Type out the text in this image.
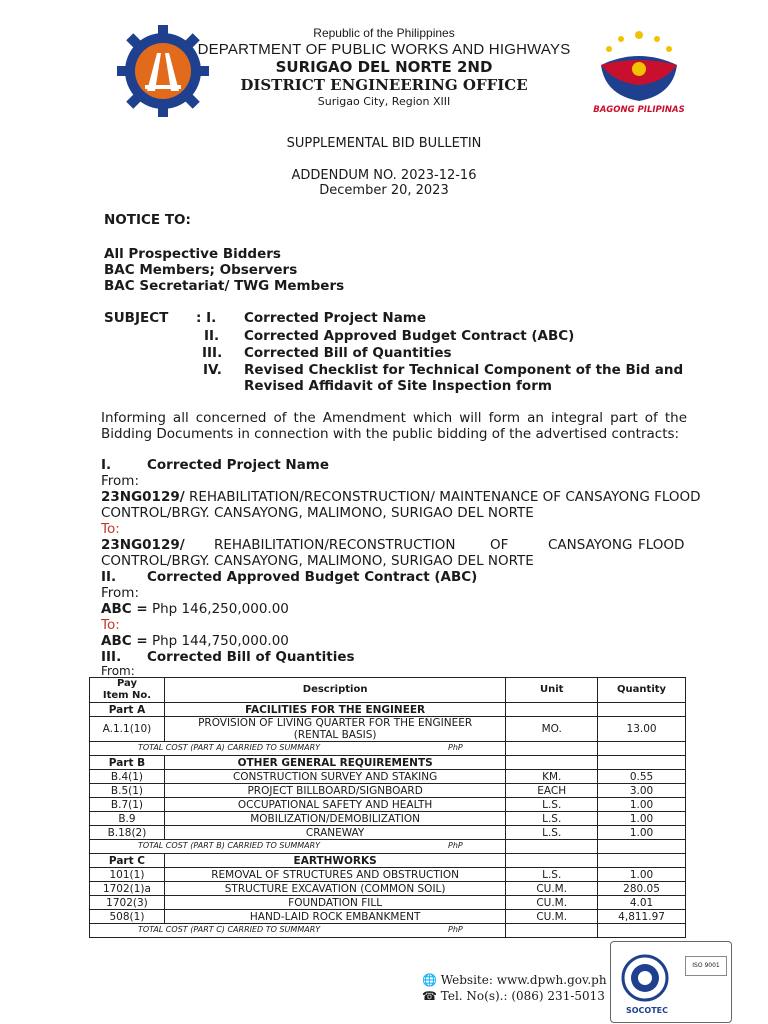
BAGONG PILIPINAS
Republic of the Philippines
DEPARTMENT OF PUBLIC WORKS AND HIGHWAYS
SURIGAO DEL NORTE 2ND
DISTRICT ENGINEERING OFFICE
Surigao City, Region XIII
SUPPLEMENTAL BID BULLETIN
ADDENDUM NO. 2023-12-16
December 20, 2023
NOTICE TO:
All Prospective Bidders
BAC Members; Observers
BAC Secretariat/ TWG Members
SUBJECT : I. Corrected Project Name
II. Corrected Approved Budget Contract (ABC)
III. Corrected Bill of Quantities
IV. Revised Checklist for Technical Component of the Bid and
Revised Affidavit of Site Inspection form
Informing all concerned of the Amendment which will form an integral part of the Bidding Documents in connection with the public bidding of the advertised contracts:
I.	Corrected Project Name
From:
23NG0129/ REHABILITATION/RECONSTRUCTION/ MAINTENANCE OF CANSAYONG FLOOD
CONTROL/BRGY. CANSAYONG, MALIMONO, SURIGAO DEL NORTE
To:
23NG0129/ REHABILITATION/RECONSTRUCTION	OF	CANSAYONG FLOOD
CONTROL/BRGY. CANSAYONG, MALIMONO, SURIGAO DEL NORTE
II. Corrected Approved Budget Contract (ABC)
From:
ABC = Php 146,250,000.00
To:
ABC = Php 144,750,000.00
III. Corrected Bill of Quantities
From:
Pay
Item No.	Description	Unit	Quantity
Part A	FACILITIES FOR THE ENGINEER		
A.1.1(10)	PROVISION OF LIVING QUARTER FOR THE ENGINEER
(RENTAL BASIS)	MO.	13.00

TOTAL COST (PART A) CARRIED TO SUMMARY PhP			

Part B	OTHER GENERAL REQUIREMENTS		
B.4(1)	CONSTRUCTION SURVEY AND STAKING	KM.	0.55
B.5(1)	PROJECT BILLBOARD/SIGNBOARD	EACH	3.00
B.7(1)	OCCUPATIONAL SAFETY AND HEALTH	L.S.	1.00
B.9	MOBILIZATION/DEMOBILIZATION	L.S.	1.00
B.18(2)	CRANEWAY	L.S.	1.00

TOTAL COST (PART B) CARRIED TO SUMMARY PhP			

Part C	EARTHWORKS		
101(1)	REMOVAL OF STRUCTURES AND OBSTRUCTION	L.S.	1.00
1702(1)a	STRUCTURE EXCAVATION (COMMON SOIL)	CU.M.	280.05
1702(3)	FOUNDATION FILL	CU.M.	4.01
508(1)	HAND-LAID ROCK EMBANKMENT	CU.M.	4,811.97

TOTAL COST (PART C) CARRIED TO SUMMARY PhP			

🌐 Website: www.dpwh.gov.ph
☎ Tel. No(s).: (086) 231-5013
SOCOTEC
ISO 9001
